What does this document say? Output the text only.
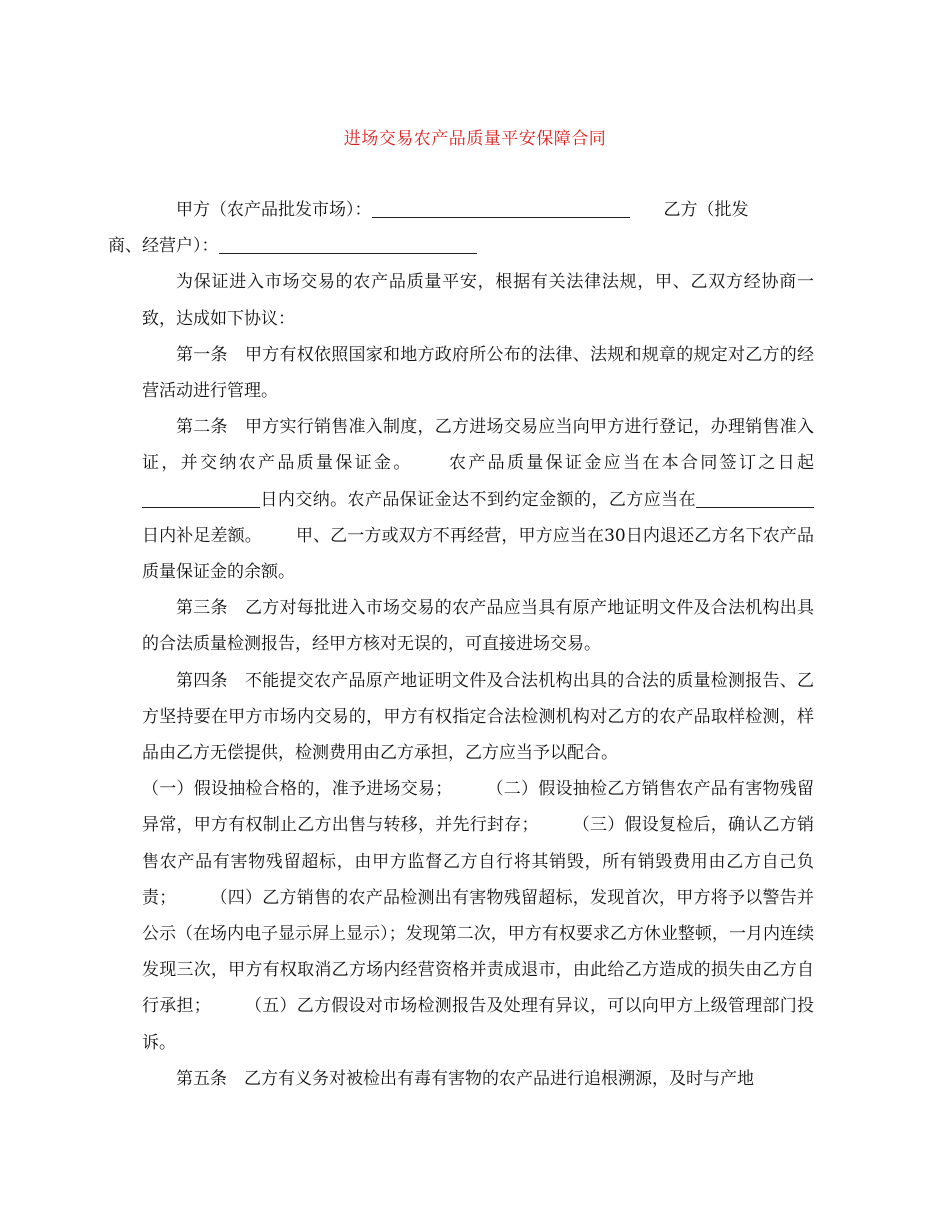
进场交易农产品质量平安保障合同

甲方（农产品批发市场）：	乙方（批发
商、经营户）：

为保证进入市场交易的农产品质量平安，根据有关法律法规，甲、乙双方经协商一致，达成如下协议：

第一条　甲方有权依照国家和地方政府所公布的法律、法规和规章的规定对乙方的经营活动进行管理。

第二条　甲方实行销售准入制度，乙方进场交易应当向甲方进行登记，办理销售准入证，并交纳农产品质量保证金。 农产品质量保证金应当在本合同签订之日起日内交纳。农产品保证金达不到约定金额的，乙方应当在日内补足差额。 甲、乙一方或双方不再经营，甲方应当在30日内退还乙方名下农产品质量保证金的余额。

第三条　乙方对每批进入市场交易的农产品应当具有原产地证明文件及合法机构出具的合法质量检测报告，经甲方核对无误的，可直接进场交易。

第四条　不能提交农产品原产地证明文件及合法机构出具的合法的质量检测报告、乙方坚持要在甲方市场内交易的，甲方有权指定合法检测机构对乙方的农产品取样检测，样品由乙方无偿提供，检测费用由乙方承担，乙方应当予以配合。

（一）假设抽检合格的，准予进场交易； （二）假设抽检乙方销售农产品有害物残留异常，甲方有权制止乙方出售与转移，并先行封存； （三）假设复检后，确认乙方销售农产品有害物残留超标，由甲方监督乙方自行将其销毁，所有销毁费用由乙方自己负责； （四）乙方销售的农产品检测出有害物残留超标，发现首次，甲方将予以警告并公示（在场内电子显示屏上显示）；发现第二次，甲方有权要求乙方休业整顿，一月内连续发现三次，甲方有权取消乙方场内经营资格并责成退市，由此给乙方造成的损失由乙方自行承担； （五）乙方假设对市场检测报告及处理有异议，可以向甲方上级管理部门投诉。

第五条　乙方有义务对被检出有毒有害物的农产品进行追根溯源，及时与产地
